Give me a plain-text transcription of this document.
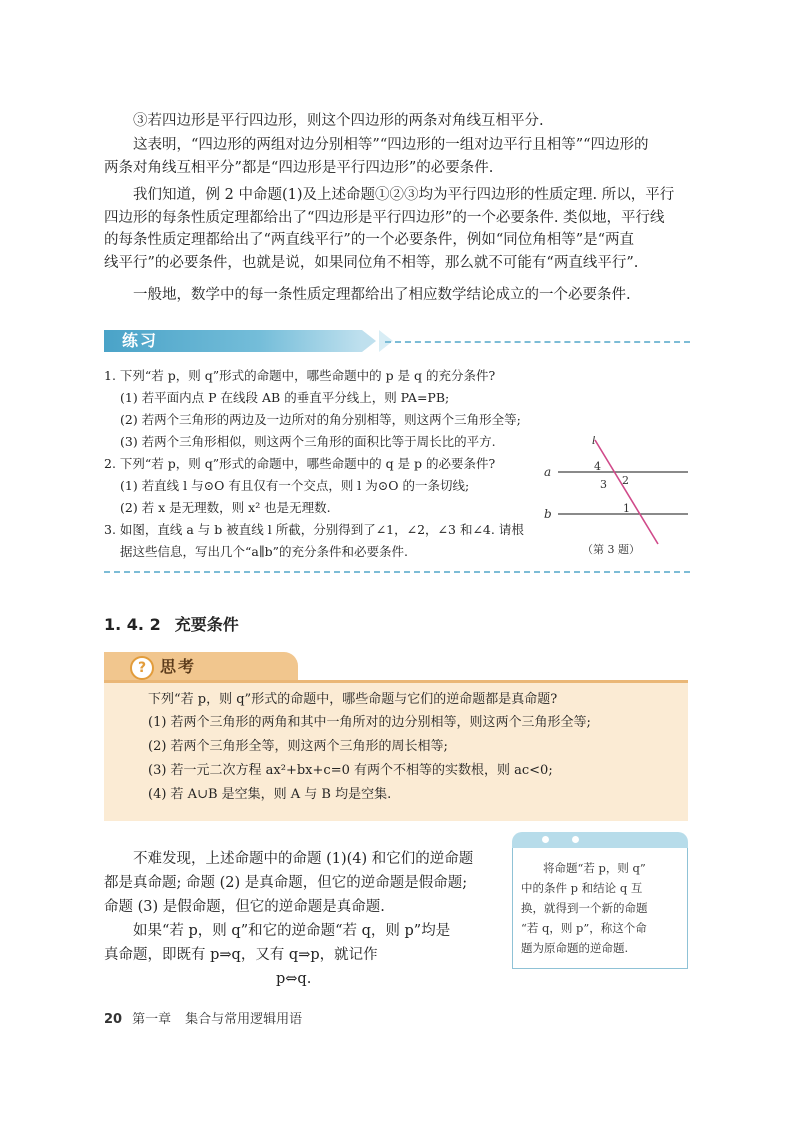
③若四边形是平行四边形，则这个四边形的两条对角线互相平分.

这表明，“四边形的两组对边分别相等”“四边形的一组对边平行且相等”“四边形的
两条对角线互相平分”都是“四边形是平行四边形”的必要条件.

我们知道，例 2 中命题(1)及上述命题①②③均为平行四边形的性质定理. 所以，平行
四边形的每条性质定理都给出了“四边形是平行四边形”的一个必要条件. 类似地，平行线
的每条性质定理都给出了“两直线平行”的一个必要条件，例如“同位角相等”是“两直
线平行”的必要条件，也就是说，如果同位角不相等，那么就不可能有“两直线平行”.

一般地，数学中的每一条性质定理都给出了相应数学结论成立的一个必要条件.

练习
1. 下列“若 p，则 q”形式的命题中，哪些命题中的 p 是 q 的充分条件?
(1) 若平面内点 P 在线段 AB 的垂直平分线上，则 PA=PB;
(2) 若两个三角形的两边及一边所对的角分别相等，则这两个三角形全等;
(3) 若两个三角形相似，则这两个三角形的面积比等于周长比的平方.
2. 下列“若 p，则 q”形式的命题中，哪些命题中的 q 是 p 的必要条件?
(1) 若直线 l 与⊙O 有且仅有一个交点，则 l 为⊙O 的一条切线;
(2) 若 x 是无理数，则 x² 也是无理数.
3. 如图，直线 a 与 b 被直线 l 所截，分别得到了∠1，∠2，∠3 和∠4. 请根
据这些信息，写出几个“a∥b”的充分条件和必要条件.
l
a
b
4
2
3
1
（第 3 题）
1. 4. 2 充要条件
? 思考
下列“若 p，则 q”形式的命题中，哪些命题与它们的逆命题都是真命题?
(1) 若两个三角形的两角和其中一角所对的边分别相等，则这两个三角形全等;
(2) 若两个三角形全等，则这两个三角形的周长相等;
(3) 若一元二次方程 ax²+bx+c=0 有两个不相等的实数根，则 ac<0;
(4) 若 A∪B 是空集，则 A 与 B 均是空集.
不难发现，上述命题中的命题 (1)(4) 和它们的逆命题
都是真命题; 命题 (2) 是真命题，但它的逆命题是假命题;
命题 (3) 是假命题，但它的逆命题是真命题.
如果“若 p，则 q”和它的逆命题“若 q，则 p”均是
真命题，即既有 p⇒q，又有 q⇒p，就记作
p⇔q.
将命题“若 p，则 q”
中的条件 p 和结论 q 互
换，就得到一个新的命题
“若 q，则 p”，称这个命
题为原命题的逆命题.
20 第一章 集合与常用逻辑用语
